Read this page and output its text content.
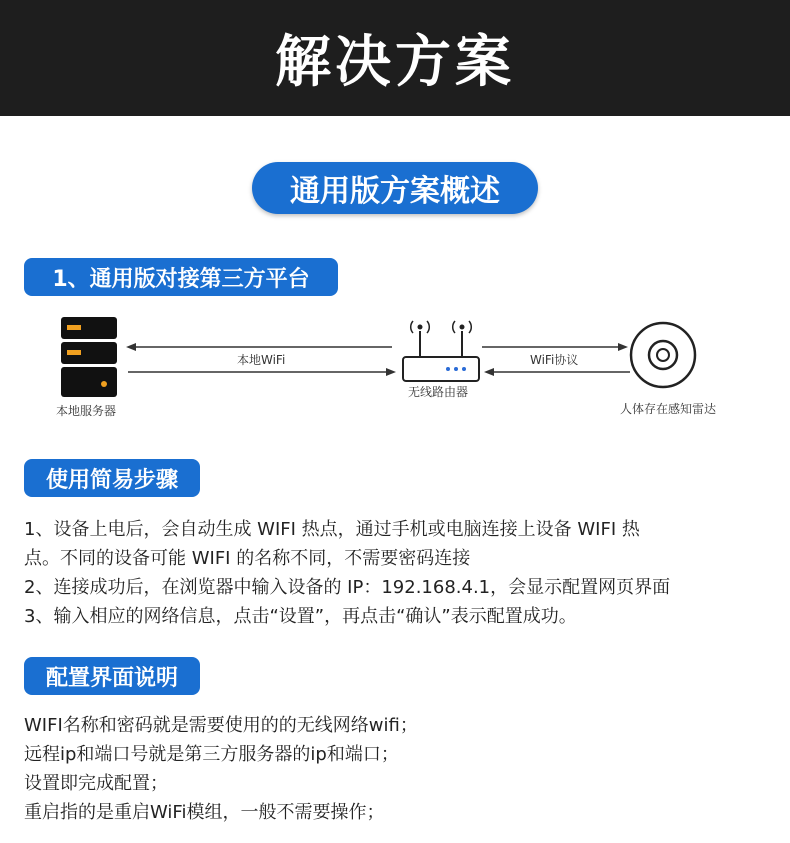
解决方案
通用版方案概述
1、通用版对接第三方平台
本地服务器
本地WiFi
无线路由器
WiFi协议
人体存在感知雷达
使用简易步骤
1、设备上电后，会自动生成 WIFI 热点，通过手机或电脑连接上设备 WIFI 热
点。不同的设备可能 WIFI 的名称不同，不需要密码连接
2、连接成功后，在浏览器中输入设备的 IP：192.168.4.1，会显示配置网页界面
3、输入相应的网络信息，点击“设置”，再点击“确认”表示配置成功。
配置界面说明
WIFI名称和密码就是需要使用的的无线网络wifi；
远程ip和端口号就是第三方服务器的ip和端口；
设置即完成配置；
重启指的是重启WiFi模组，一般不需要操作；
